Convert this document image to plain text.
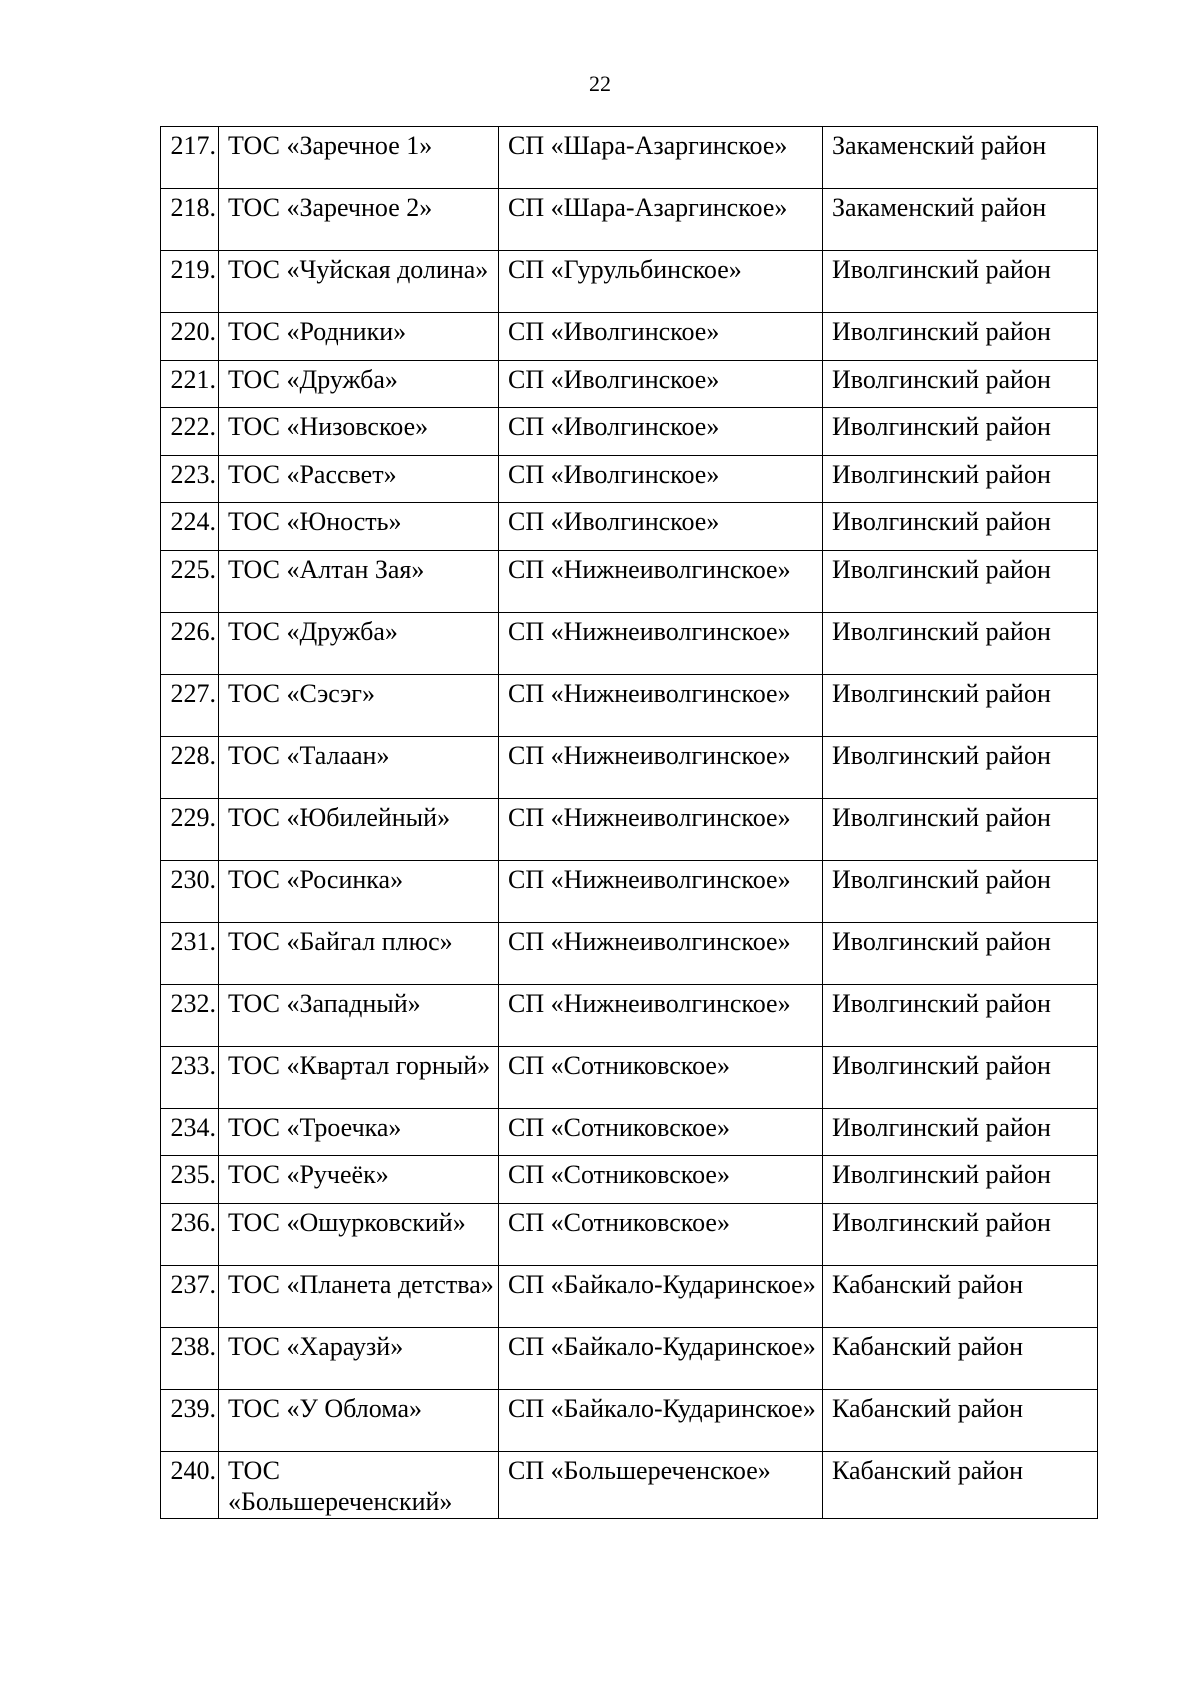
22
217.	ТОС «Заречное 1»	СП «Шара-Азаргинское»	Закаменский район
218.	ТОС «Заречное 2»	СП «Шара-Азаргинское»	Закаменский район
219.	ТОС «Чуйская долина»	СП «Гурульбинское»	Иволгинский район
220.	ТОС «Родники»	СП «Иволгинское»	Иволгинский район
221.	ТОС «Дружба»	СП «Иволгинское»	Иволгинский район
222.	ТОС «Низовское»	СП «Иволгинское»	Иволгинский район
223.	ТОС «Рассвет»	СП «Иволгинское»	Иволгинский район
224.	ТОС «Юность»	СП «Иволгинское»	Иволгинский район
225.	ТОС «Алтан Зая»	СП «Нижнеиволгинское»	Иволгинский район
226.	ТОС «Дружба»	СП «Нижнеиволгинское»	Иволгинский район
227.	ТОС «Сэсэг»	СП «Нижнеиволгинское»	Иволгинский район
228.	ТОС «Талаан»	СП «Нижнеиволгинское»	Иволгинский район
229.	ТОС «Юбилейный»	СП «Нижнеиволгинское»	Иволгинский район
230.	ТОС «Росинка»	СП «Нижнеиволгинское»	Иволгинский район
231.	ТОС «Байгал плюс»	СП «Нижнеиволгинское»	Иволгинский район
232.	ТОС «Западный»	СП «Нижнеиволгинское»	Иволгинский район
233.	ТОС «Квартал горный»	СП «Сотниковское»	Иволгинский район
234.	ТОС «Троечка»	СП «Сотниковское»	Иволгинский район
235.	ТОС «Ручеёк»	СП «Сотниковское»	Иволгинский район
236.	ТОС «Ошурковский»	СП «Сотниковское»	Иволгинский район
237.	ТОС «Планета детства»	СП «Байкало-Кударинское»	Кабанский район
238.	ТОС «Хараузй»	СП «Байкало-Кударинское»	Кабанский район
239.	ТОС «У Облома»	СП «Байкало-Кударинское»	Кабанский район
240.	ТОС «Большереченский»	СП «Большереченское»	Кабанский район
